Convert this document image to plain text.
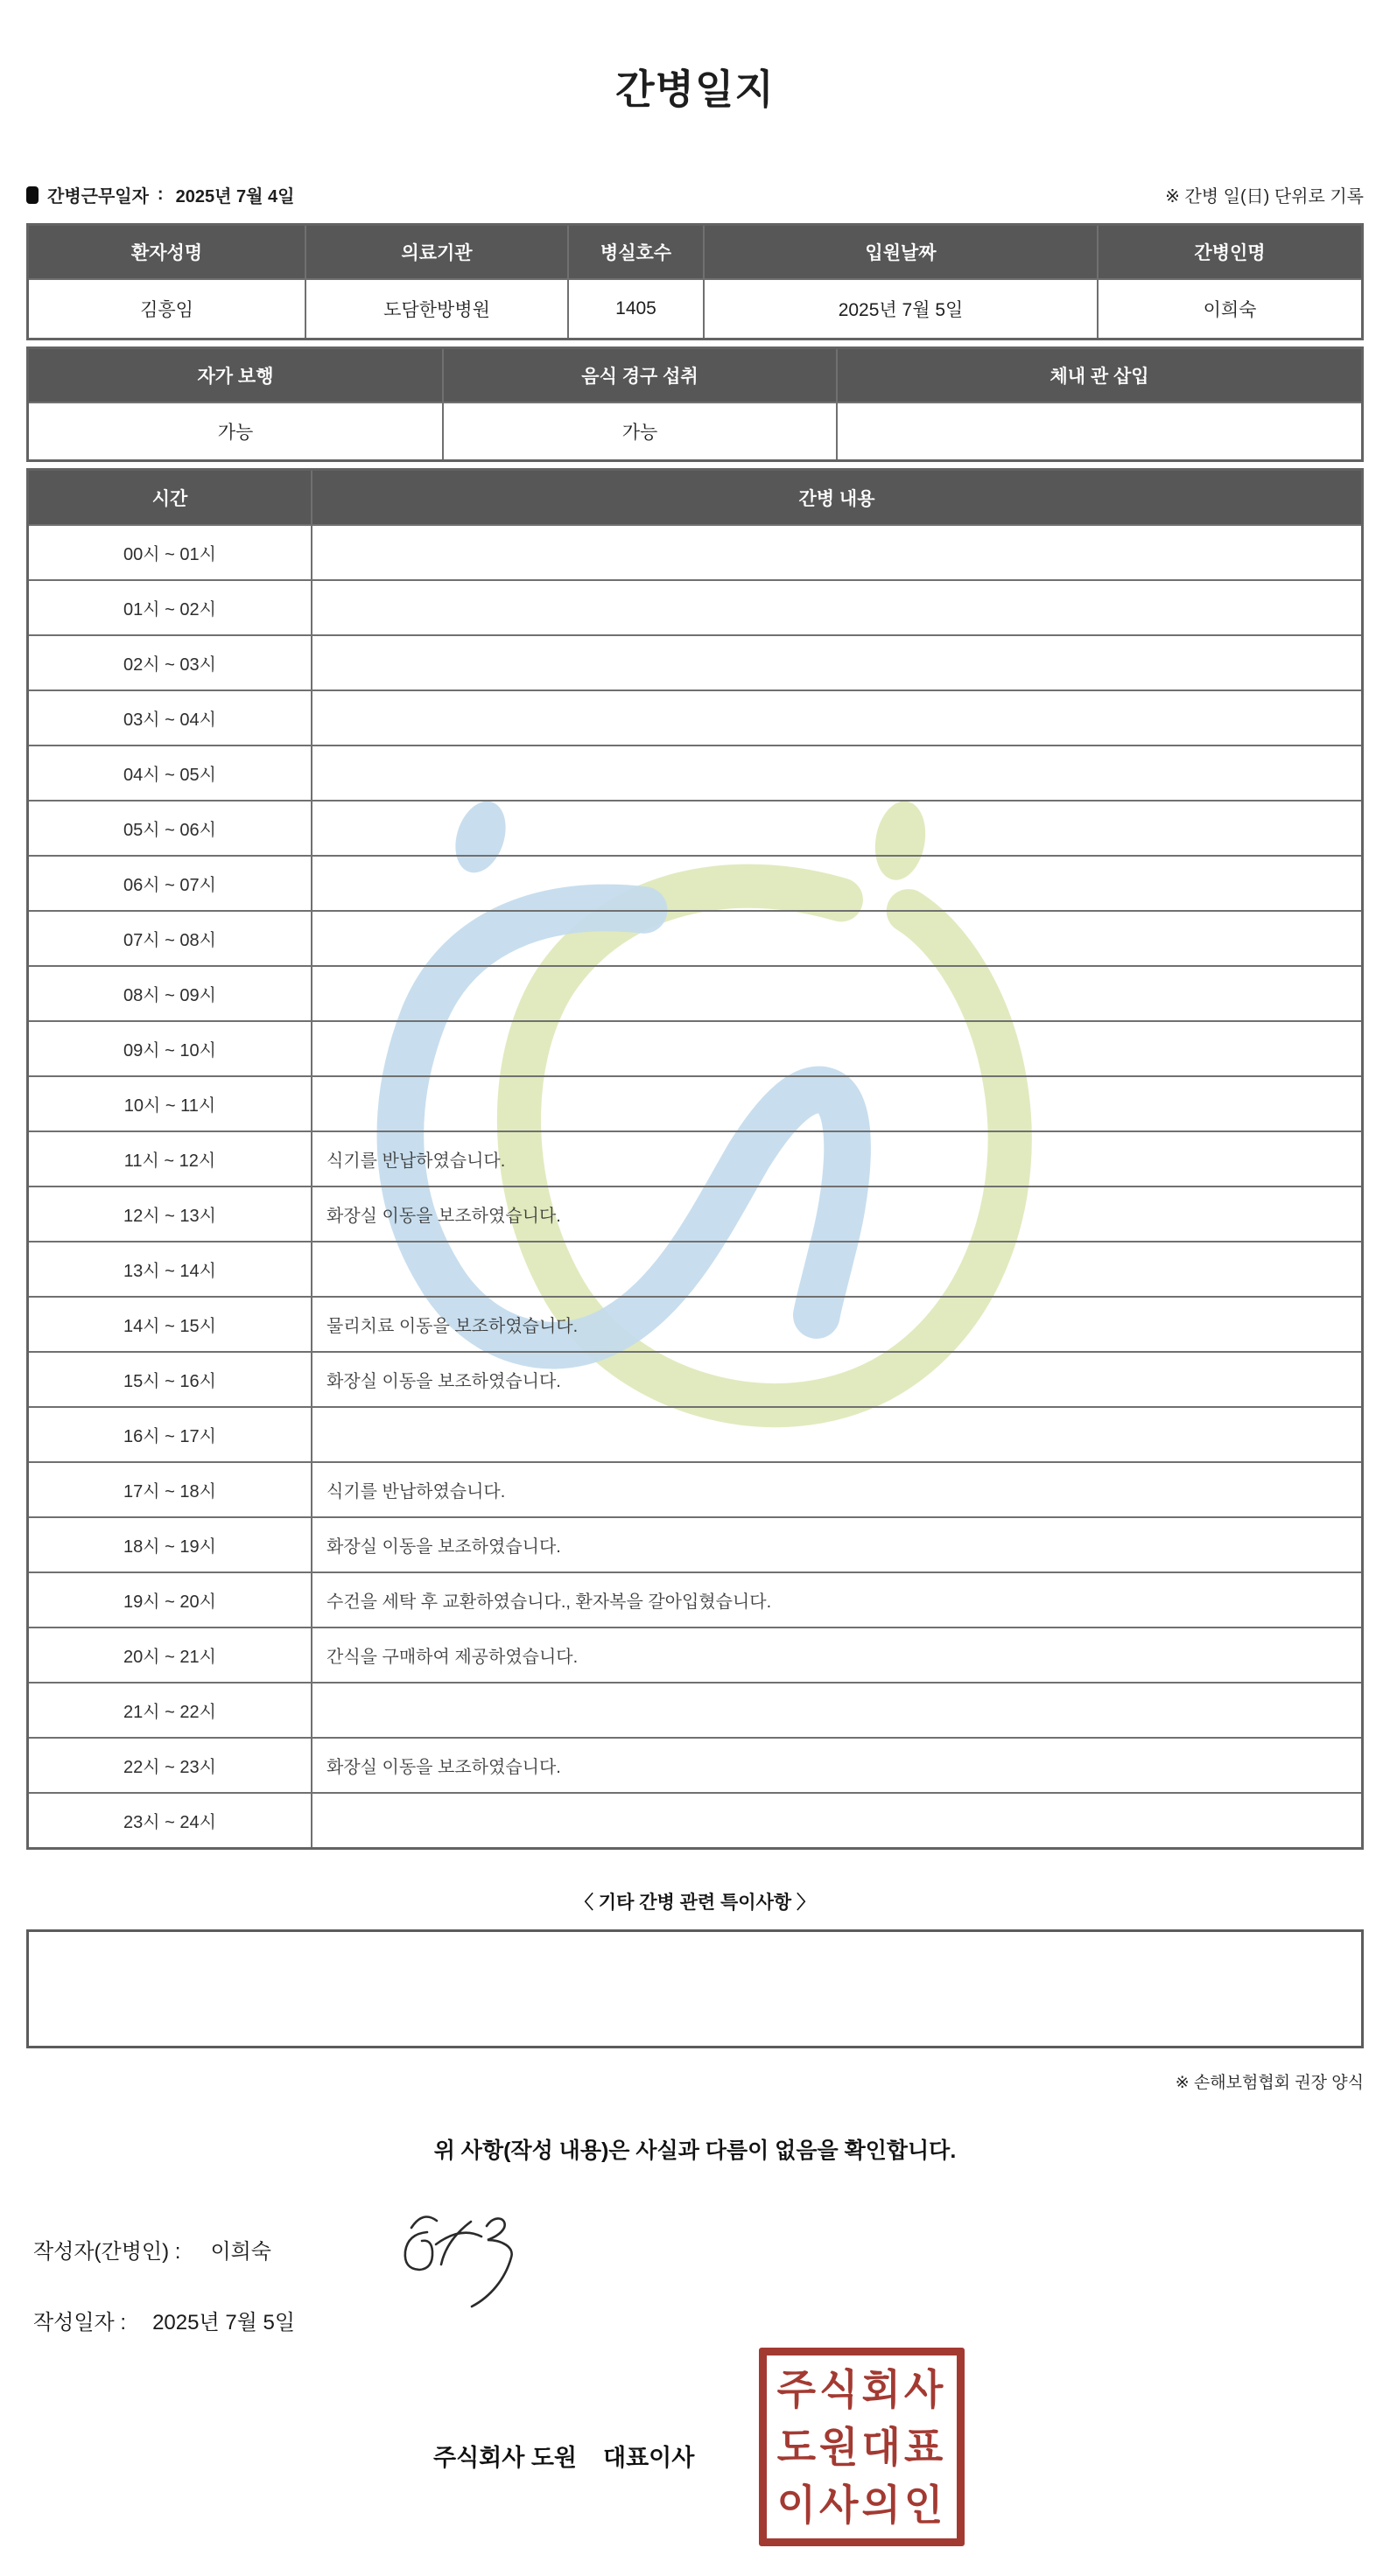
간병일지
간병근무일자 : 2025년 7월 4일	※ 간병 일(日) 단위로 기록
환자성명	의료기관	병실호수	입원날짜	간병인명
김흥임	도담한방병원	1405	2025년 7월 5일	이희숙
자가 보행	음식 경구 섭취	체내 관 삽입
가능	가능
시간	간병 내용
00시 ~ 01시
01시 ~ 02시
02시 ~ 03시
03시 ~ 04시
04시 ~ 05시
05시 ~ 06시
06시 ~ 07시
07시 ~ 08시
08시 ~ 09시
09시 ~ 10시
10시 ~ 11시
11시 ~ 12시	식기를 반납하였습니다.
12시 ~ 13시	화장실 이동을 보조하였습니다.
13시 ~ 14시
14시 ~ 15시	물리치료 이동을 보조하였습니다.
15시 ~ 16시	화장실 이동을 보조하였습니다.
16시 ~ 17시
17시 ~ 18시	식기를 반납하였습니다.
18시 ~ 19시	화장실 이동을 보조하였습니다.
19시 ~ 20시	수건을 세탁 후 교환하였습니다., 환자복을 갈아입혔습니다.
20시 ~ 21시	간식을 구매하여 제공하였습니다.
21시 ~ 22시
22시 ~ 23시	화장실 이동을 보조하였습니다.
23시 ~ 24시
〈 기타 간병 관련 특이사항 〉
※ 손해보험협회 권장 양식
위 사항(작성 내용)은 사실과 다름이 없음을 확인합니다.
작성자(간병인) : 이희숙
작성일자 : 2025년 7월 5일
주식회사 도원    대표이사
주식회사
도원대표
이사의인
